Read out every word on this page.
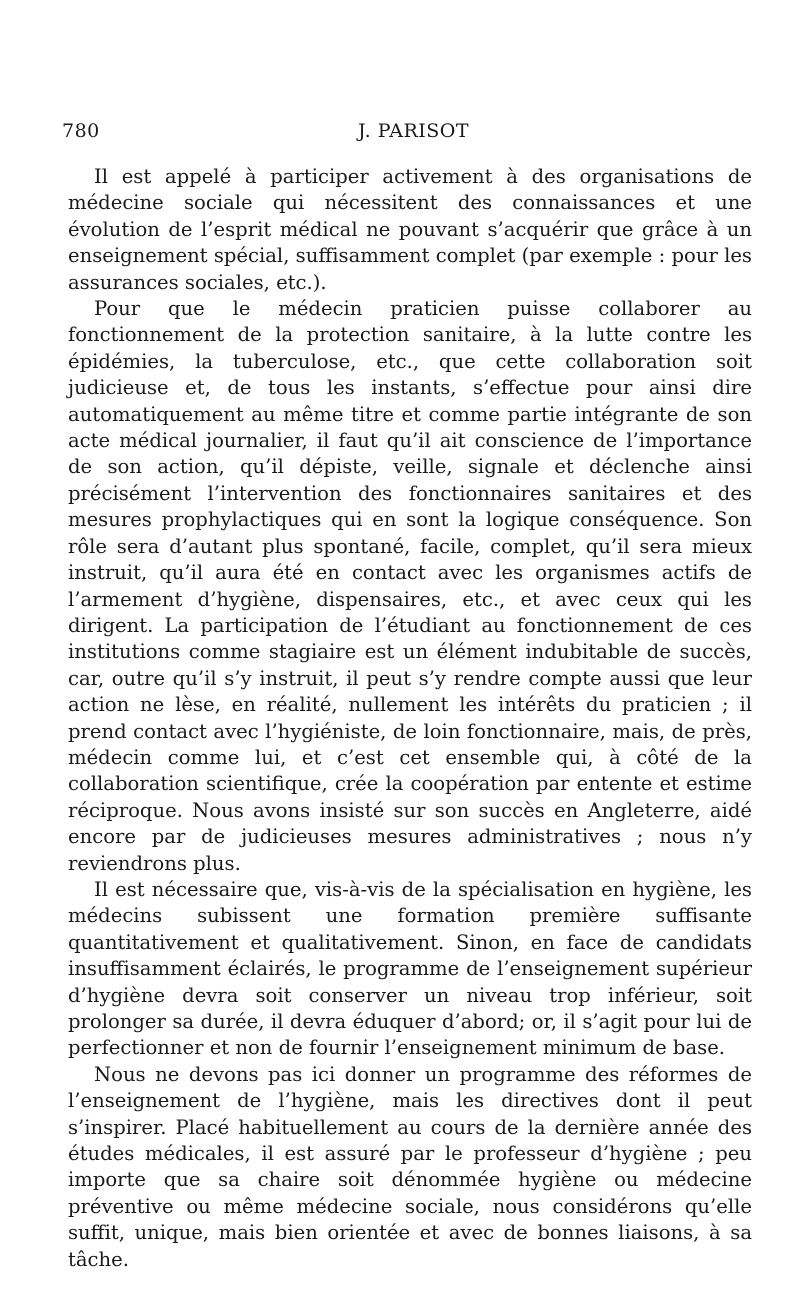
780	J. PARISOT

Il est appelé à participer activement à des organisations de médecine sociale qui nécessitent des connaissances et une évolution de l’esprit médical ne pouvant s’acquérir que grâce à un enseignement spécial, suffisamment complet (par exemple : pour les assurances sociales, etc.).

Pour que le médecin praticien puisse collaborer au fonctionnement de la protection sanitaire, à la lutte contre les épidémies, la tuberculose, etc., que cette collaboration soit judicieuse et, de tous les instants, s’effectue pour ainsi dire automatiquement au même titre et comme partie intégrante de son acte médical journalier, il faut qu’il ait conscience de l’importance de son action, qu’il dépiste, veille, signale et déclenche ainsi précisément l’intervention des fonctionnaires sanitaires et des mesures prophylactiques qui en sont la logique conséquence. Son rôle sera d’autant plus spontané, facile, complet, qu’il sera mieux instruit, qu’il aura été en contact avec les organismes actifs de l’armement d’hygiène, dispensaires, etc., et avec ceux qui les dirigent. La participation de l’étudiant au fonctionnement de ces institutions comme stagiaire est un élément indubitable de succès, car, outre qu’il s’y instruit, il peut s’y rendre compte aussi que leur action ne lèse, en réalité, nullement les intérêts du praticien ; il prend contact avec l’hygiéniste, de loin fonctionnaire, mais, de près, médecin comme lui, et c’est cet ensemble qui, à côté de la collaboration scientifique, crée la coopération par entente et estime réciproque. Nous avons insisté sur son succès en Angleterre, aidé encore par de judicieuses mesures administratives ; nous n’y reviendrons plus.

Il est nécessaire que, vis-à-vis de la spécialisation en hygiène, les médecins subissent une formation première suffisante quantitativement et qualitativement. Sinon, en face de candidats insuffisamment éclairés, le programme de l’enseignement supérieur d’hygiène devra soit conserver un niveau trop inférieur, soit prolonger sa durée, il devra éduquer d’abord; or, il s’agit pour lui de perfectionner et non de fournir l’enseignement minimum de base.

Nous ne devons pas ici donner un programme des réformes de l’enseignement de l’hygiène, mais les directives dont il peut s’inspirer. Placé habituellement au cours de la dernière année des études médicales, il est assuré par le professeur d’hygiène ; peu importe que sa chaire soit dénommée hygiène ou médecine préventive ou même médecine sociale, nous considérons qu’elle suffit, unique, mais bien orientée et avec de bonnes liaisons, à sa tâche.
